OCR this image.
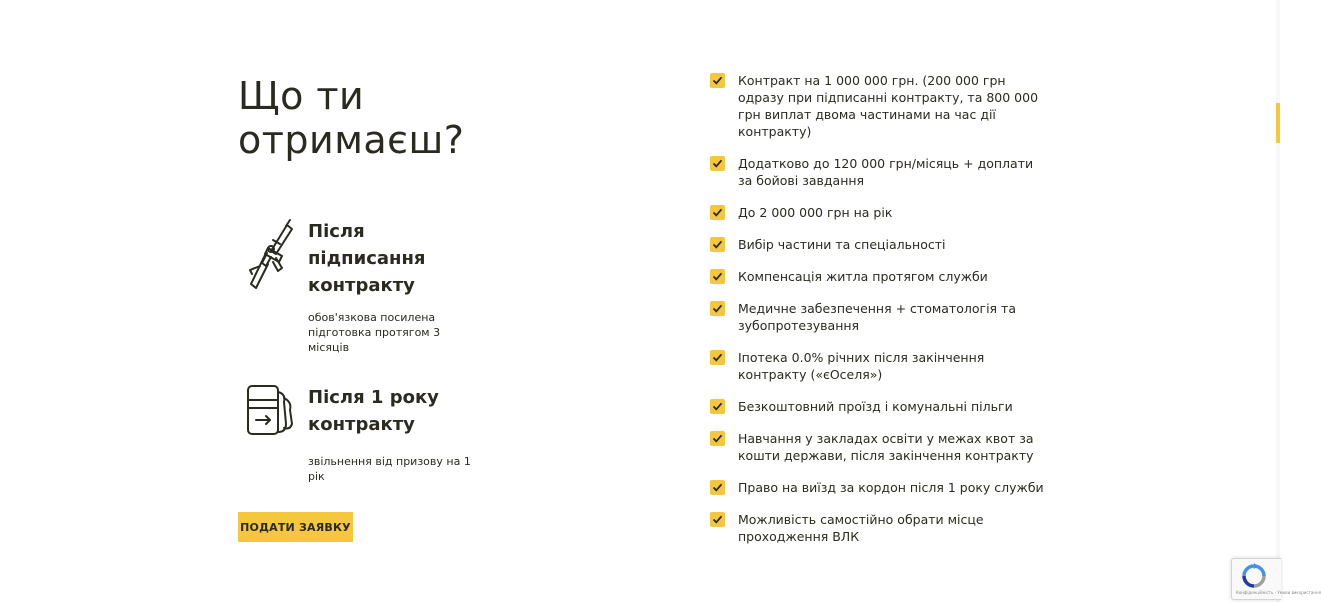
Що ти
отримаєш?
Після підписання контракту

обов'язкова посилена підготовка протягом 3 місяців

Після 1 року контракту

звільнення від призову на 1 рік

ПОДАТИ ЗАЯВКУ
Контракт на 1 000 000 грн. (200 000 грн одразу при підписанні контракту, та 800 000 грн виплат двома частинами на час дії контракту)
Додатково до 120 000 грн/місяць + доплати за бойові завдання
До 2 000 000 грн на рік
Вибір частини та спеціальності
Компенсація житла протягом служби
Медичне забезпечення + стоматологія та зубопротезування
Іпотека 0.0% річних після закінчення контракту («єОселя»)
Безкоштовний проїзд і комунальні пільги
Навчання у закладах освіти у межах квот за кошти держави, після закінчення контракту
Право на виїзд за кордон після 1 року служби
Можливість самостійно обрати місце проходження ВЛК
Конфіденційність - Умови використання
